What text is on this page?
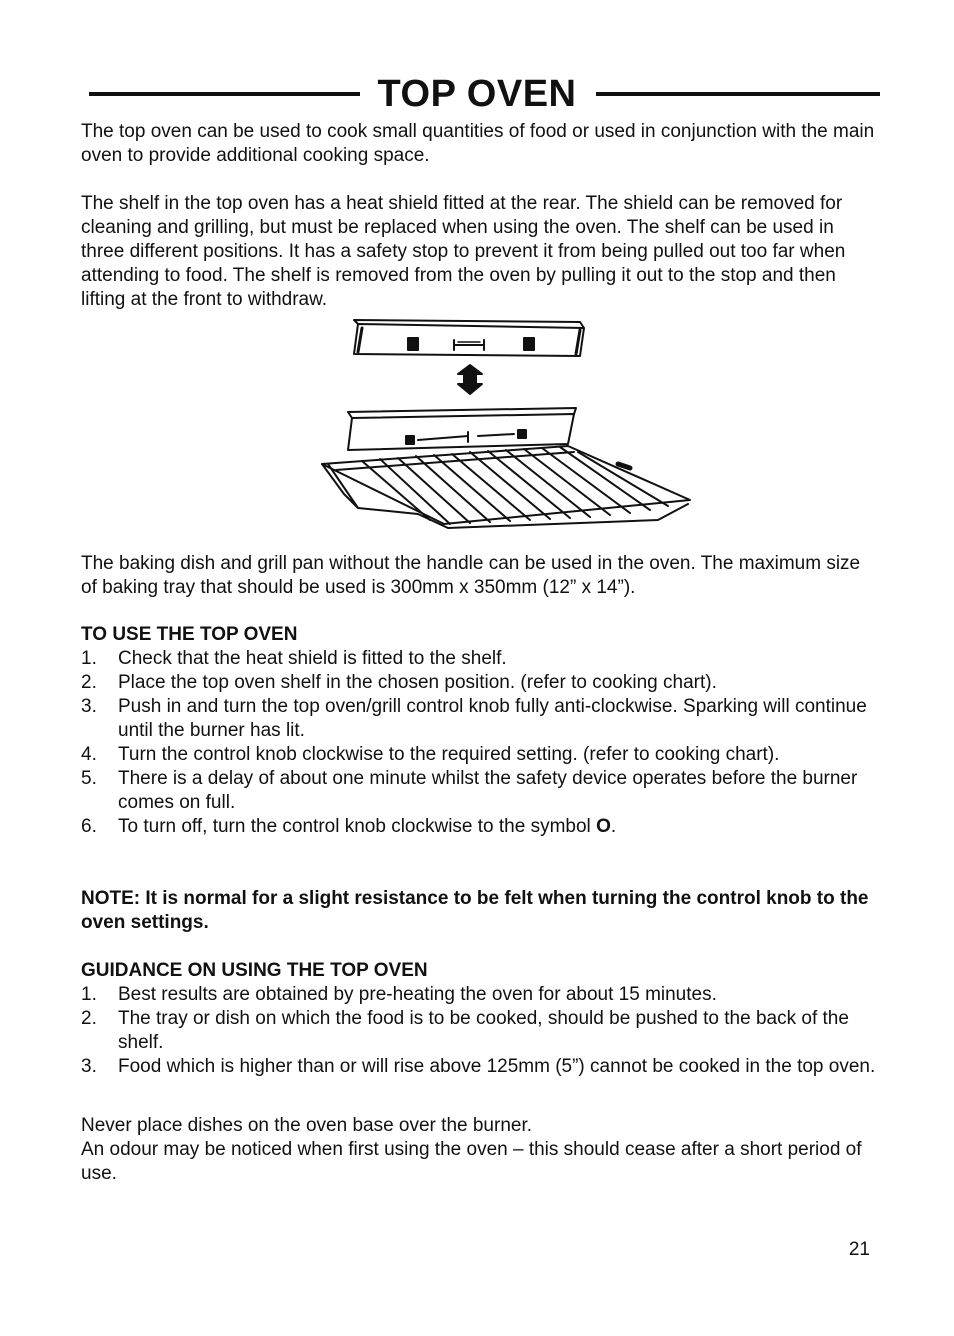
TOP OVEN

The top oven can be used to cook small quantities of food or used in conjunction with the main oven to provide additional cooking space.

The shelf in the top oven has a heat shield fitted at the rear. The shield can be removed for cleaning and grilling, but must be replaced when using the oven. The shelf can be used in three different positions. It has a safety stop to prevent it from being pulled out too far when attending to food. The shelf is removed from the oven by pulling it out to the stop and then lifting at the front to withdraw.

The baking dish and grill pan without the handle can be used in the oven. The maximum size of baking tray that should be used is 300mm x 350mm (12” x 14”).

TO USE THE TOP OVEN

1. Check that the heat shield is fitted to the shelf.
2. Place the top oven shelf in the chosen position. (refer to cooking chart).
3. Push in and turn the top oven/grill control knob fully anti-clockwise. Sparking will continue until the burner has lit.
4. Turn the control knob clockwise to the required setting. (refer to cooking chart).
5. There is a delay of about one minute whilst the safety device operates before the burner comes on full.
6. To turn off, turn the control knob clockwise to the symbol O.

NOTE: It is normal for a slight resistance to be felt when turning the control knob to the oven settings.

GUIDANCE ON USING THE TOP OVEN

1. Best results are obtained by pre-heating the oven for about 15 minutes.
2. The tray or dish on which the food is to be cooked, should be pushed to the back of the shelf.
3. Food which is higher than or will rise above 125mm (5”) cannot be cooked in the top oven.

Never place dishes on the oven base over the burner.

An odour may be noticed when first using the oven – this should cease after a short period of use.

21
